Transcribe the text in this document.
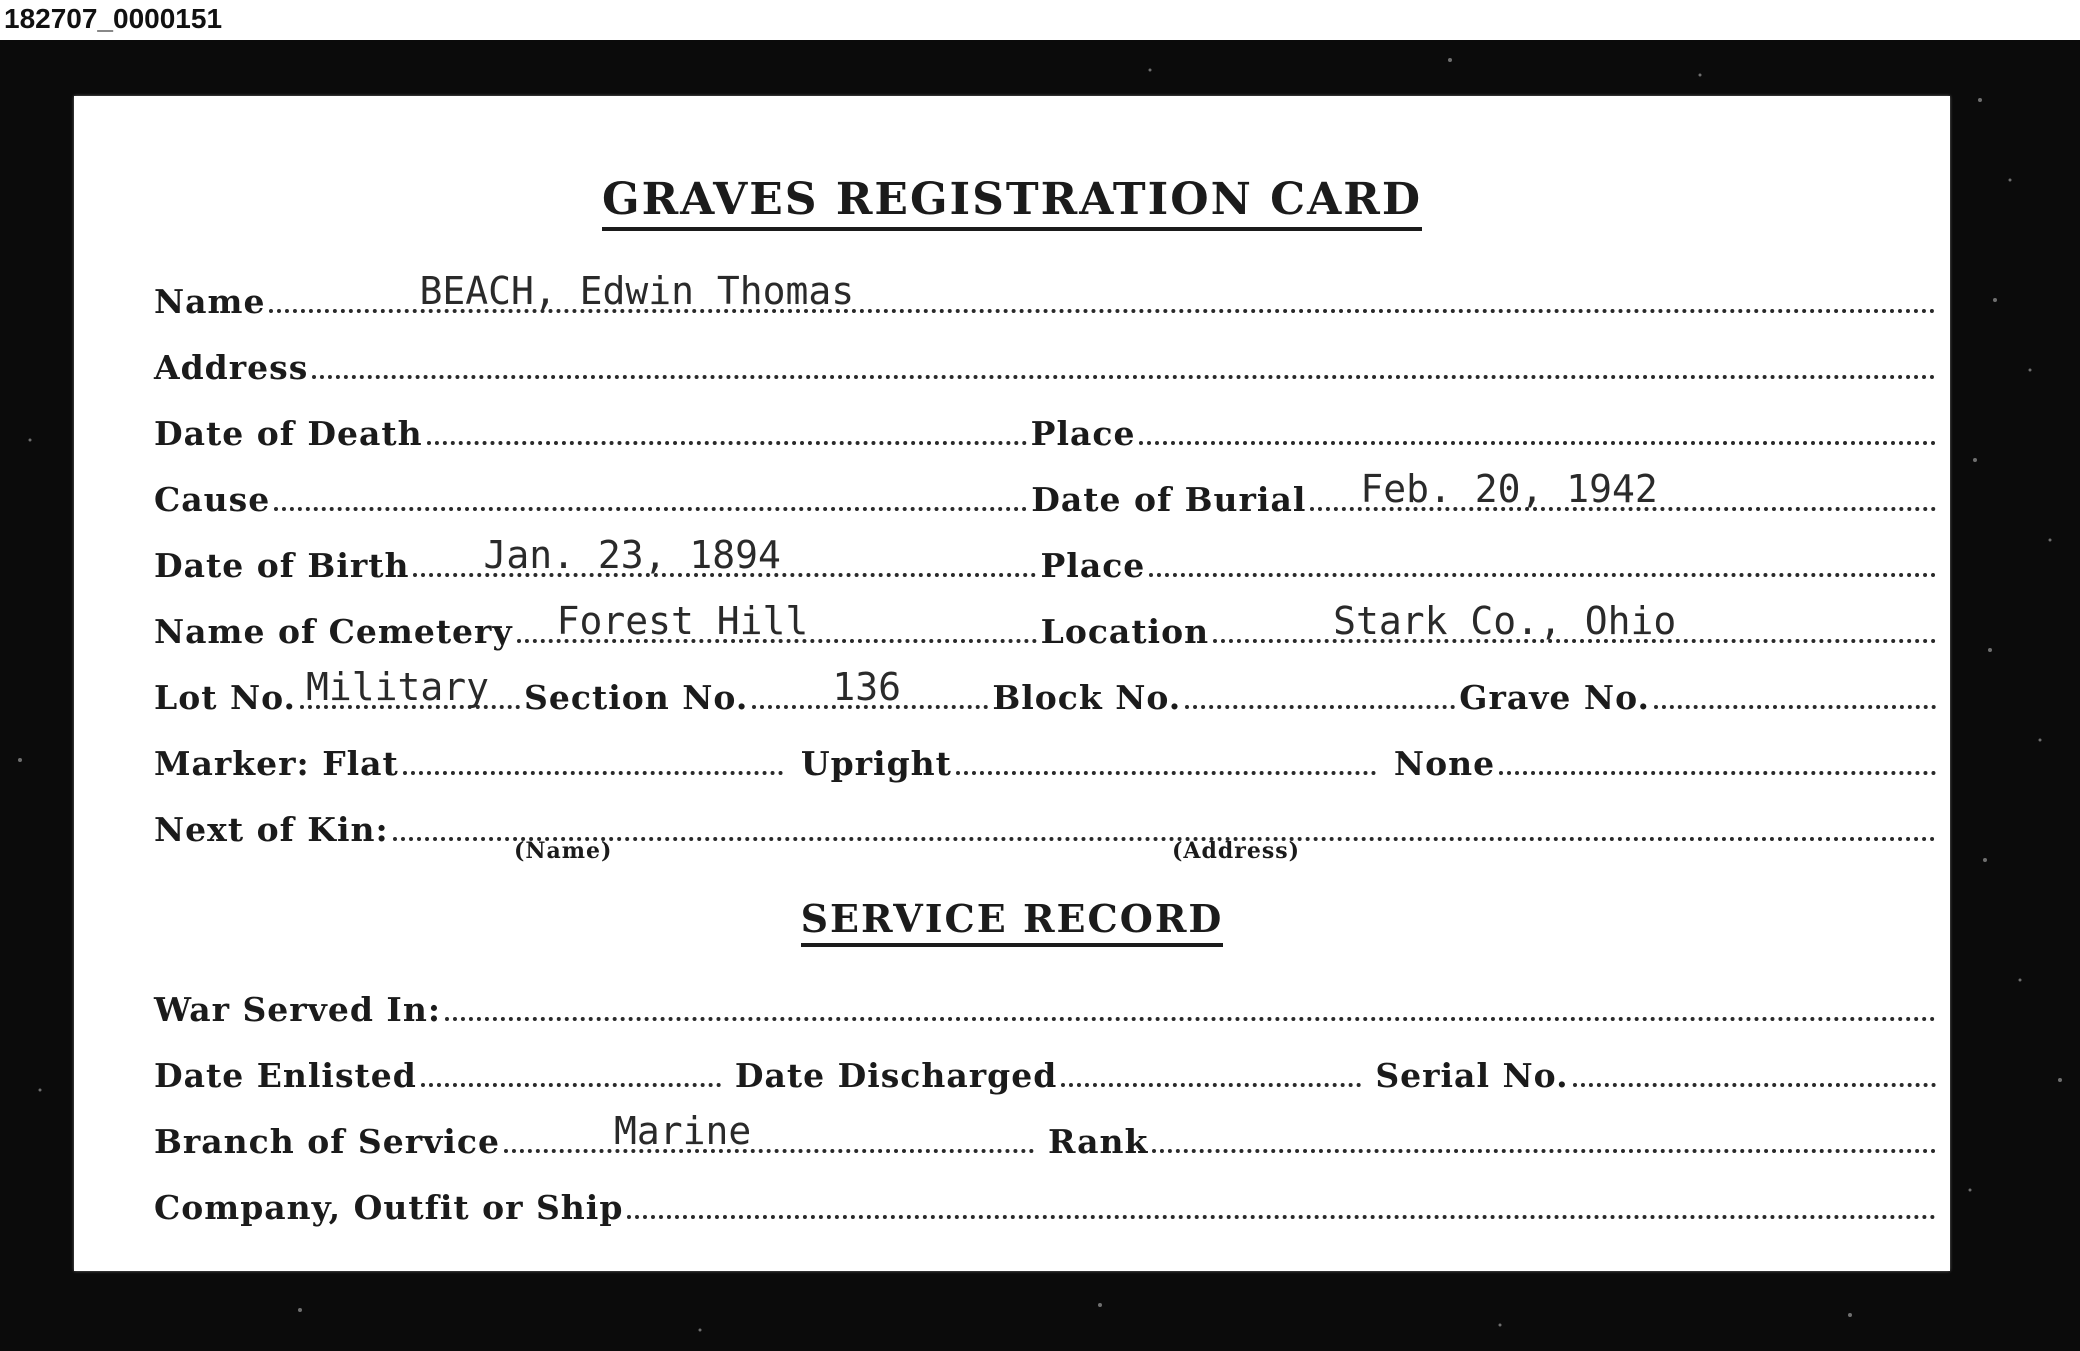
182707_0000151
GRAVES REGISTRATION CARD
Name	BEACH, Edwin Thomas
Address
Date of Death	Place
Cause	Date of Burial Feb. 20, 1942
Date of Birth Jan. 23, 1894	Place
Name of Cemetery Forest Hill	Location	Stark Co., Ohio
Lot No. Military Section No. 136	Block No.	Grave No.
Marker: Flat	Upright	None
Next of Kin:
(Name)	(Address)
SERVICE RECORD
War Served In:
Date Enlisted	Date Discharged	Serial No.
Branch of Service	Marine	Rank
Company, Outfit or Ship
